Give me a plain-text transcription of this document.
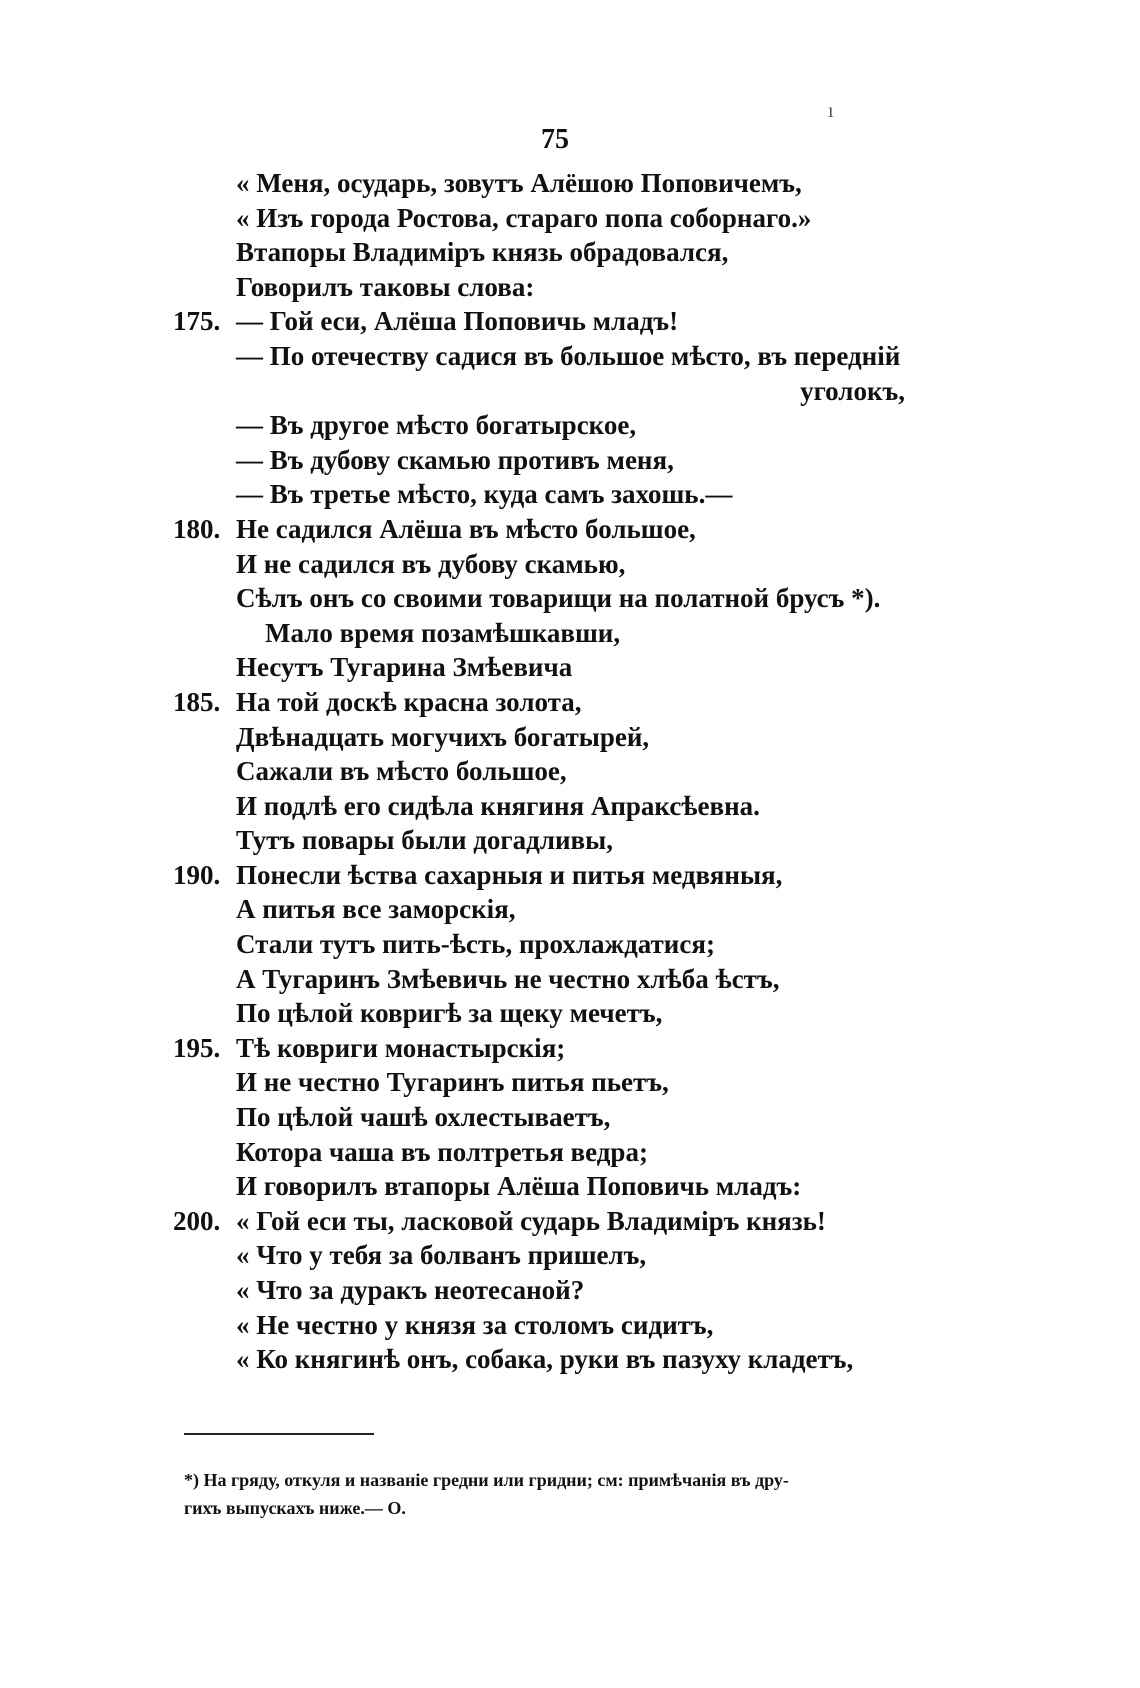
ı
75
« Меня, осударь, зовутъ Алёшою Поповичемъ,
« Изъ города Ростова, стараго попа соборнаго.»
Втапоры Владиміръ князь обрадовался,
Говорилъ таковы слова:
175. — Гой еси, Алёша Поповичь младъ!
— По отечеству садися въ большое мѣсто, въ передній
уголокъ,
— Въ другое мѣсто богатырское,
— Въ дубову скамью противъ меня,
— Въ третье мѣсто, куда самъ захошь.—
180. Не садился Алёша въ мѣсто большое,
И не садился въ дубову скамью,
Сѣлъ онъ со своими товарищи на полатной брусъ *).
Мало время позамѣшкавши,
Несутъ Тугарина Змѣевича
185. На той доскѣ красна золота,
Двѣнадцать могучихъ богатырей,
Сажали въ мѣсто большое,
И подлѣ его сидѣла княгиня Апраксѣевна.
Тутъ повары были догадливы,
190. Понесли ѣства сахарныя и питья медвяныя,
А питья все заморскія,
Стали тутъ пить-ѣсть, прохлаждатися;
А Тугаринъ Змѣевичь не честно хлѣба ѣстъ,
По цѣлой ковригѣ за щеку мечетъ,
195. Тѣ ковриги монастырскія;
И не честно Тугаринъ питья пьетъ,
По цѣлой чашѣ охлестываетъ,
Котора чаша въ полтретья ведра;
И говорилъ втапоры Алёша Поповичь младъ:
200. « Гой еси ты, ласковой сударь Владиміръ князь!
« Что у тебя за болванъ пришелъ,
« Что за дуракъ неотесаной?
« Не честно у князя за столомъ сидитъ,
« Ко княгинѣ онъ, собака, руки въ пазуху кладетъ,

*) На гряду, откуля и названіе гредни или гридни; см: примѣчанія въ дру-

гихъ выпускахъ ниже.— О.
